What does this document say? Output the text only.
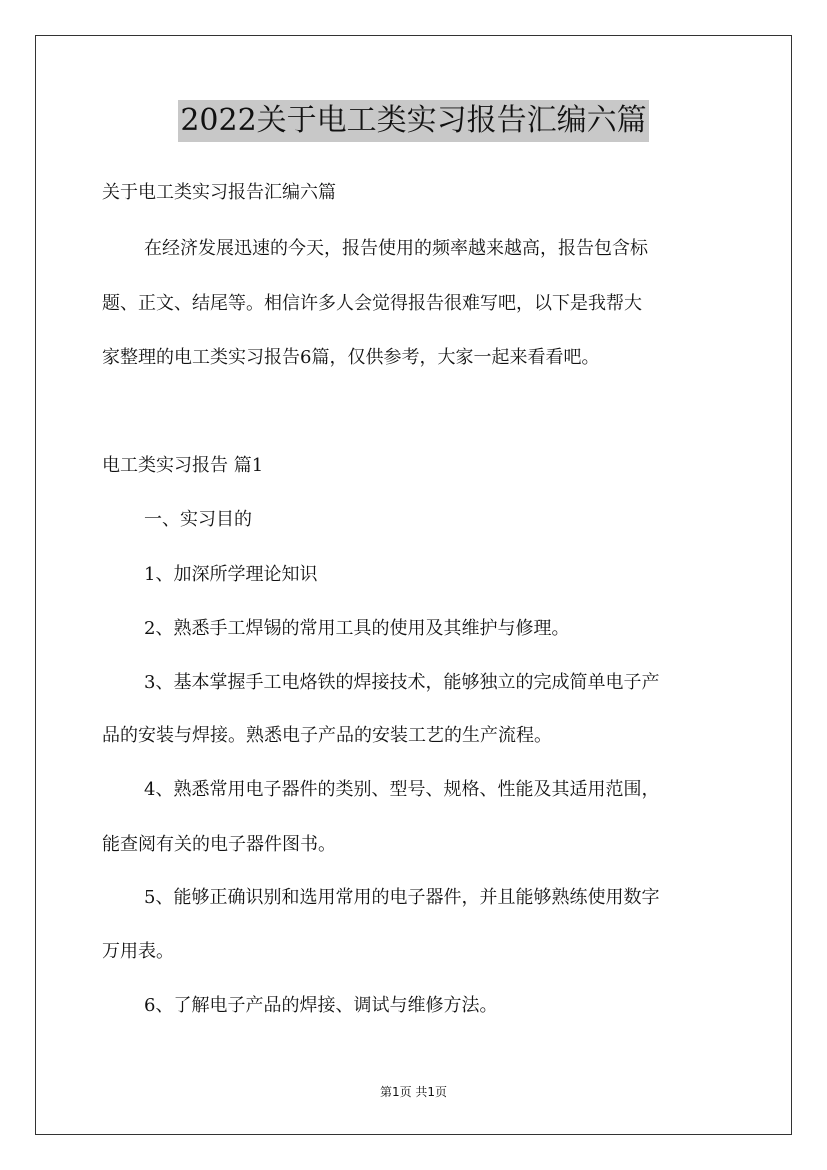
2022关于电工类实习报告汇编六篇
关于电工类实习报告汇编六篇
在经济发展迅速的今天，报告使用的频率越来越高，报告包含标
题、正文、结尾等。相信许多人会觉得报告很难写吧，以下是我帮大
家整理的电工类实习报告6篇，仅供参考，大家一起来看看吧。
电工类实习报告 篇1
一、实习目的
1、加深所学理论知识
2、熟悉手工焊锡的常用工具的使用及其维护与修理。
3、基本掌握手工电烙铁的焊接技术，能够独立的完成简单电子产
品的安装与焊接。熟悉电子产品的安装工艺的生产流程。
4、熟悉常用电子器件的类别、型号、规格、性能及其适用范围，
能查阅有关的电子器件图书。
5、能够正确识别和选用常用的电子器件，并且能够熟练使用数字
万用表。
6、了解电子产品的焊接、调试与维修方法。
第1页 共1页
